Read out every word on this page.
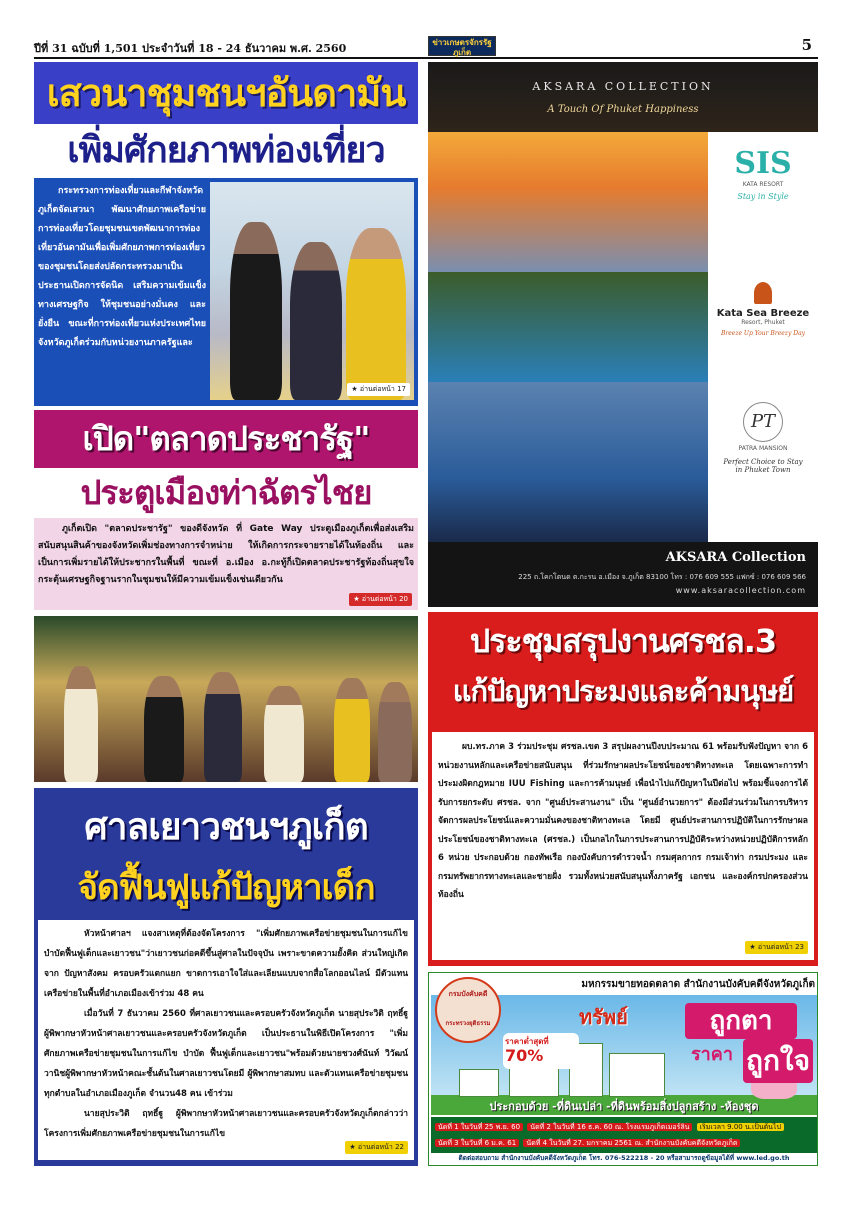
ปีที่ 31 ฉบับที่ 1,501 ประจำวันที่ 18 - 24 ธันวาคม พ.ศ. 2560	ข่าวเกษตรจักรรัฐภูเก็ต	5
เสวนาชุมชนฯอันดามัน
เพิ่มศักยภาพท่องเที่ยว
กระทรวงการท่องเที่ยวและกีฬาจังหวัดภูเก็ตจัดเสวนา พัฒนาศักยภาพเครือข่ายการท่องเที่ยวโดยชุมชนเขตพัฒนาการท่องเที่ยวอันดามันเพื่อเพิ่มศักยภาพการท่องเที่ยวของชุมชนโดยส่งปลัดกระทรวงมาเป็นประธานเปิดการจัดนิด เสริมความเข้มแข็งทางเศรษฐกิจ ให้ชุมชนอย่างมั่นคง และยั่งยืน ขณะที่การท่องเที่ยวแห่งประเทศไทยจังหวัดภูเก็ตร่วมกับหน่วยงานภาครัฐและ
★ อ่านต่อหน้า 17
AKSARA COLLECTION
A Touch Of Phuket Happiness
SIS
KATA RESORT
Stay in Style
Kata Sea Breeze
Resort, Phuket
Breeze Up Your Breezy Day
PT
PATRA MANSION
Perfect Choice to Stay in Phuket Town
AKSARA Collection
225 ถ.โคกโตนด ต.กะรน อ.เมือง จ.ภูเก็ต 83100 โทร : 076 609 555 แฟกซ์ : 076 609 566
www.aksaracollection.com
เปิด"ตลาดประชารัฐ"
ประตูเมืองท่าฉัตรไชย
ภูเก็ตเปิด "ตลาดประชารัฐ" ของดีจังหวัด ที่ Gate Way ประตูเมืองภูเก็ตเพื่อส่งเสริมสนับสนุนสินค้าของจังหวัดเพิ่มช่องทางการจำหน่าย ให้เกิดการกระจายรายได้ในท้องถิ่น และเป็นการเพิ่มรายได้ให้ประชากรในพื้นที่ ขณะที่ อ.เมือง อ.กะทู้ก็เปิดตลาดประชารัฐท้องถิ่นสุขใจ กระตุ้นเศรษฐกิจฐานรากในชุมชนให้มีความเข้มแข็งเช่นเดียวกัน
★ อ่านต่อหน้า 20
ประชุมสรุปงานศรชล.3
แก้ปัญหาประมงและค้ามนุษย์
ผบ.ทร.ภาค 3 ร่วมประชุม ศรชล.เขต 3 สรุปผลงานปีงบประมาณ 61 พร้อมรับฟังปัญหา จาก 6 หน่วยงานหลักและเครือข่ายสนับสนุน ที่ร่วมรักษาผลประโยชน์ของชาติทางทะเล โดยเฉพาะการทำประมงผิดกฎหมาย IUU Fishing และการค้ามนุษย์ เพื่อนำไปแก้ปัญหาในปีต่อไป พร้อมชี้แจงการได้รับการยกระดับ ศรชล. จาก "ศูนย์ประสานงาน" เป็น "ศูนย์อำนวยการ" ต้องมีส่วนร่วมในการบริหารจัดการผลประโยชน์และความมั่นคงของชาติทางทะเล โดยมี ศูนย์ประสานการปฏิบัติในการรักษาผลประโยชน์ของชาติทางทะเล (ศรชล.) เป็นกลไกในการประสานการปฏิบัติระหว่างหน่วยปฏิบัติการหลัก 6 หน่วย ประกอบด้วย กองทัพเรือ กองบังคับการตำรวจน้ำ กรมศุลกากร กรมเจ้าท่า กรมประมง และกรมทรัพยากรทางทะเลและชายฝั่ง รวมทั้งหน่วยสนับสนุนทั้งภาครัฐ เอกชน และองค์กรปกครองส่วนท้องถิ่น
★ อ่านต่อหน้า 23
ศาลเยาวชนฯภูเก็ต
จัดฟื้นฟูแก้ปัญหาเด็ก

หัวหน้าศาลฯ แจงสาเหตุที่ต้องจัดโครงการ "เพิ่มศักยภาพเครือข่ายชุมชนในการแก้ไขบำบัดฟื้นฟูเด็กและเยาวชน"ว่าเยาวชนก่อคดีขึ้นสู่ศาลในปัจจุบัน เพราะขาดความยั้งคิด ส่วนใหญ่เกิดจาก ปัญหาสังคม ครอบครัวแตกแยก ขาดการเอาใจใส่และเลียนแบบจากสื่อโลกออนไลน์ มีตัวแทนเครือข่ายในพื้นที่อำเภอเมืองเข้าร่วม 48 คน

เมื่อวันที่ 7 ธันวาคม 2560 ที่ศาลเยาวชนและครอบครัวจังหวัดภูเก็ต นายสุประวิติ ฤทธิ์ฐู ผู้พิพากษาหัวหน้าศาลเยาวชนและครอบครัวจังหวัดภูเก็ต เป็นประธานในพิธีเปิดโครงการ "เพิ่มศักยภาพเครือข่ายชุมชนในการแก้ไข บำบัด ฟื้นฟูเด็กและเยาวชน"พร้อมด้วยนายชวงศ์นันท์ วิวัฒน์วานิชผู้พิพากษาหัวหน้าคณะชั้นต้นในศาลเยาวชนโดยมี ผู้พิพากษาสมทบ และตัวแทนเครือข่ายชุมชนทุกตำบลในอำเภอเมืองภูเก็ต จำนวน48 คน เข้าร่วม

นายสุประวิติ ฤทธิ์ฐู ผู้พิพากษาหัวหน้าศาลเยาวชนและครอบครัวจังหวัดภูเก็ตกล่าวว่า โครงการเพิ่มศักยภาพเครือข่ายชุมชนในการแก้ไข

★ อ่านต่อหน้า 22
มหกรรมขายทอดตลาด สำนักงานบังคับคดีจังหวัดภูเก็ต
กรมบังคับคดี
กระทรวงยุติธรรม	ทรัพย์	ถูกตา
ราคา ถูกใจ
ราคาต่ำสุดที่
70%
ประกอบด้วย -ที่ดินเปล่า -ที่ดินพร้อมสิ่งปลูกสร้าง -ห้องชุด
นัดที่ 1 ในวันที่ 25 พ.ย. 60 นัดที่ 2 ในวันที่ 16 ธ.ค. 60 ณ. โรงแรมภูเก็ตเมอร์ลิน เริ่มเวลา 9.00 น.เป็นต้นไป
นัดที่ 3 ในวันที่ 6 ม.ค. 61 นัดที่ 4 ในวันที่ 27. มกราคม 2561 ณ. สำนักงานบังคับคดีจังหวัดภูเก็ต
ติดต่อสอบถาม สำนักงานบังคับคดีจังหวัดภูเก็ต โทร. 076-522218 - 20 หรือสามารถดูข้อมูลได้ที่ www.led.go.th
